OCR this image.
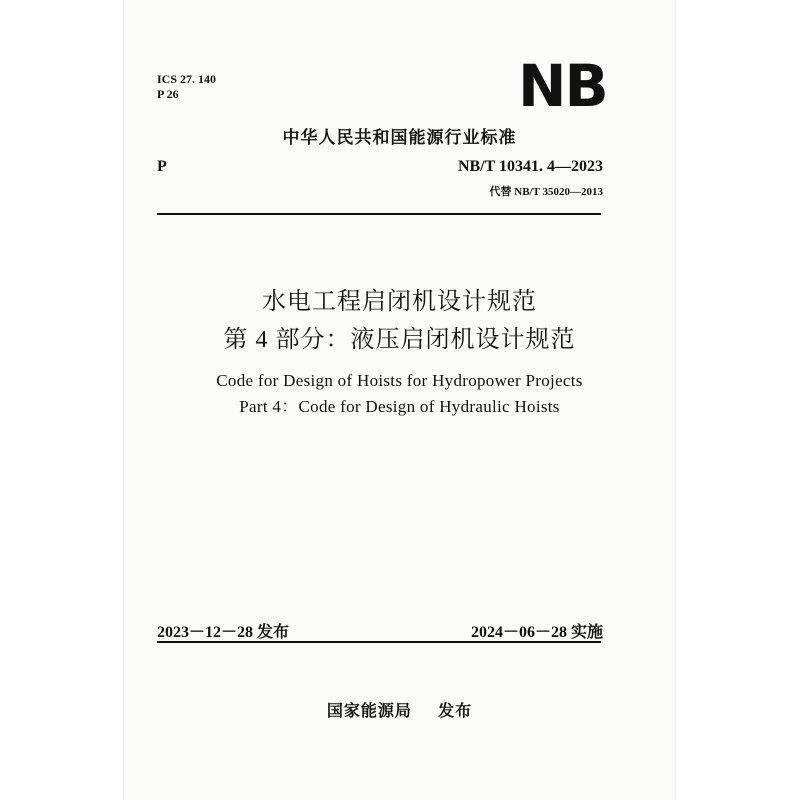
ICS 27. 140
P 26	NB
中华人民共和国能源行业标准
P	NB/T 10341. 4—2023
代替 NB/T 35020—2013
水电工程启闭机设计规范
第 4 部分：液压启闭机设计规范
Code for Design of Hoists for Hydropower Projects
Part 4：Code for Design of Hydraulic Hoists
2023－12－28 发布	2024－06－28 实施
国家能源局    发布
